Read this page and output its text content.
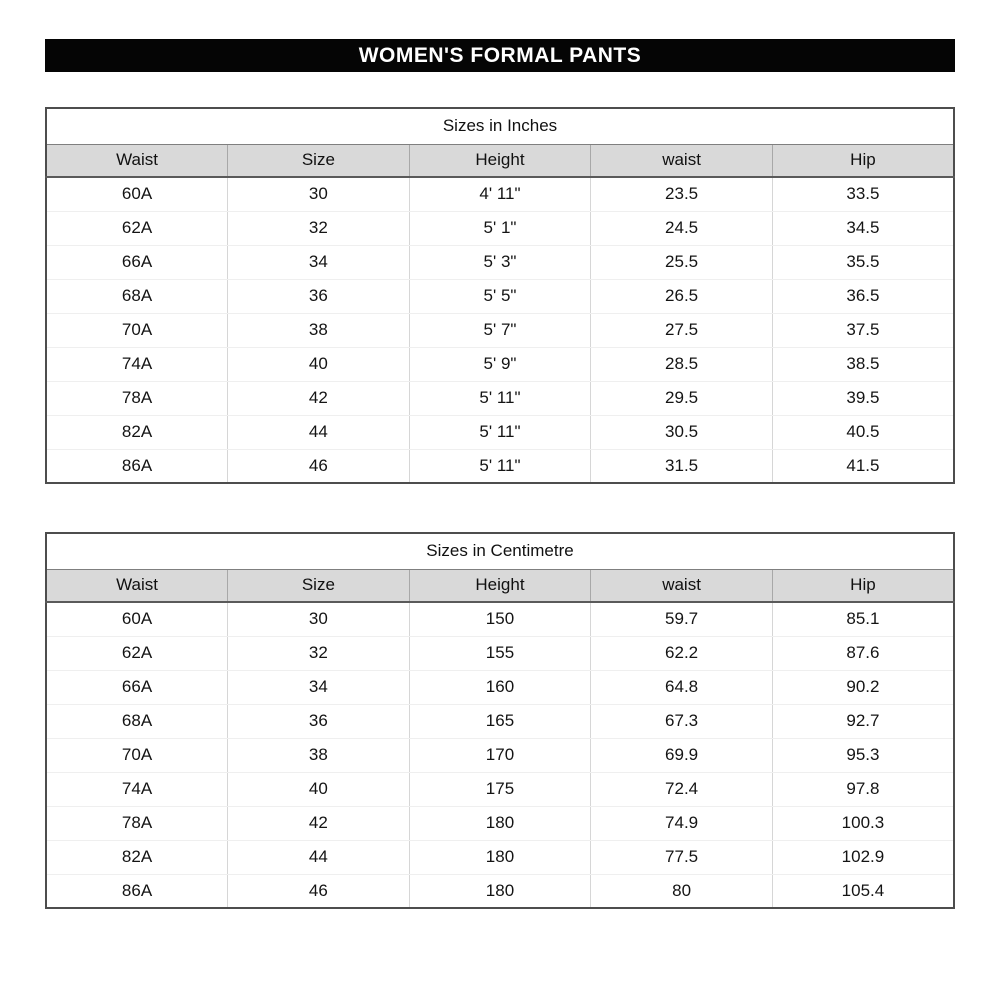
WOMEN'S FORMAL PANTS
Sizes in Inches				
Waist	Size	Height	waist	Hip
60A	30	4' 11"	23.5	33.5
62A	32	5' 1"	24.5	34.5
66A	34	5' 3"	25.5	35.5
68A	36	5' 5"	26.5	36.5
70A	38	5' 7"	27.5	37.5
74A	40	5' 9"	28.5	38.5
78A	42	5' 11"	29.5	39.5
82A	44	5' 11"	30.5	40.5
86A	46	5' 11"	31.5	41.5
Sizes in Centimetre				
Waist	Size	Height	waist	Hip
60A	30	150	59.7	85.1
62A	32	155	62.2	87.6
66A	34	160	64.8	90.2
68A	36	165	67.3	92.7
70A	38	170	69.9	95.3
74A	40	175	72.4	97.8
78A	42	180	74.9	100.3
82A	44	180	77.5	102.9
86A	46	180	80	105.4
